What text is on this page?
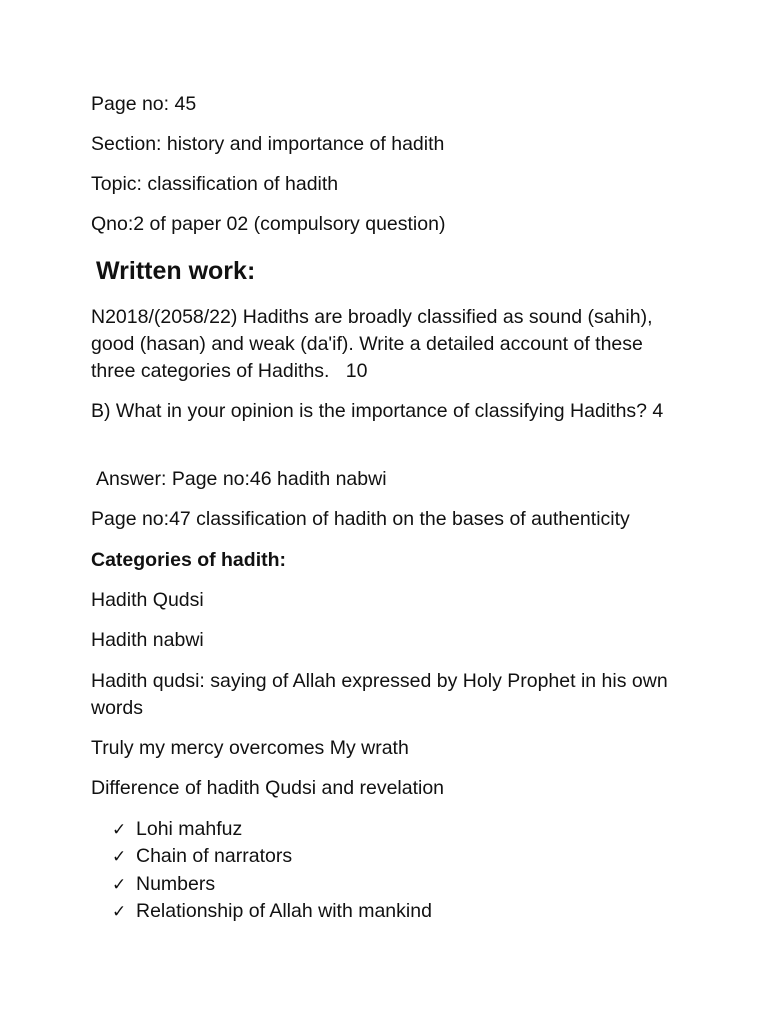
Page no: 45

Section: history and importance of hadith

Topic: classification of hadith

Qno:2 of paper 02 (compulsory question)

Written work:

N2018/(2058/22) Hadiths are broadly classified as sound (sahih), good (hasan) and weak (da'if). Write a detailed account of these three categories of Hadiths.   10

B) What in your opinion is the importance of classifying Hadiths? 4

Answer: Page no:46 hadith nabwi

Page no:47 classification of hadith on the bases of authenticity

Categories of hadith:

Hadith Qudsi

Hadith nabwi

Hadith qudsi: saying of Allah expressed by Holy Prophet in his own words

Truly my mercy overcomes My wrath

Difference of hadith Qudsi and revelation

✓ Lohi mahfuz
✓ Chain of narrators
✓ Numbers
✓ Relationship of Allah with mankind
